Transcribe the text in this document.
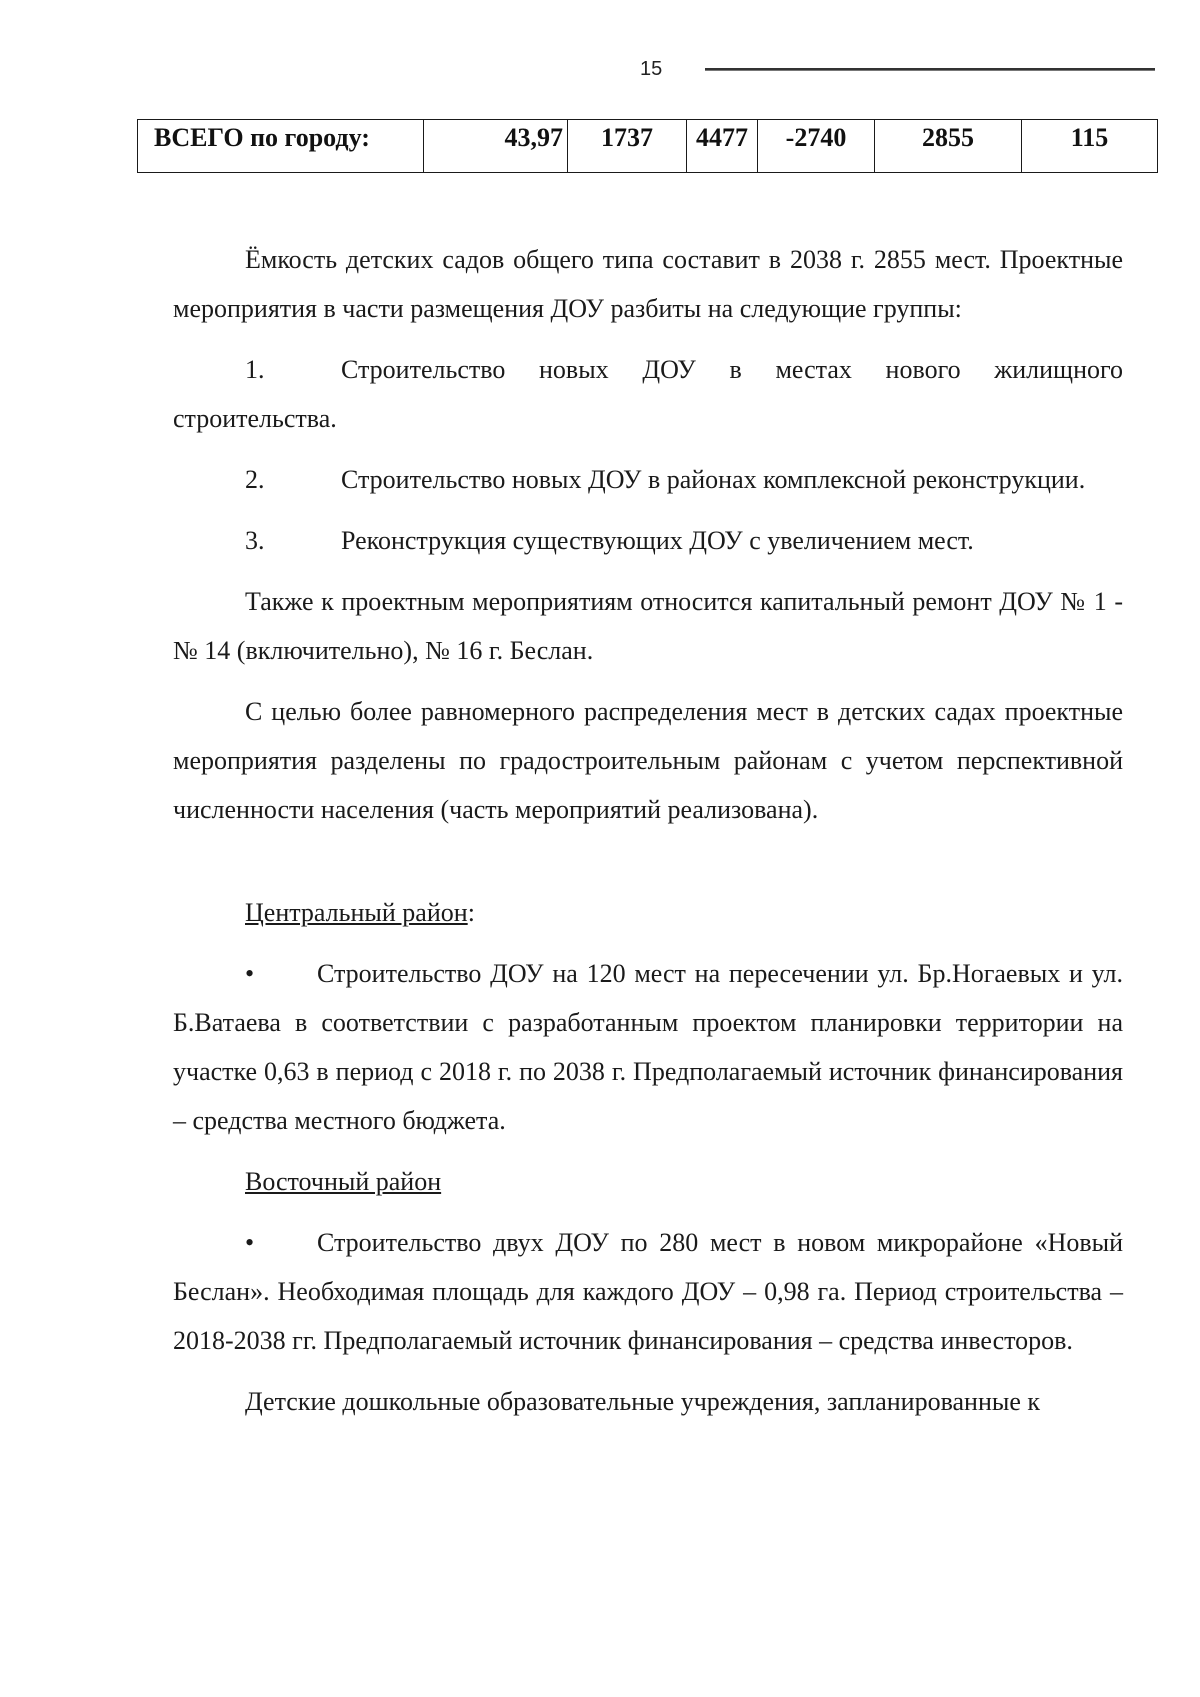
15
ВСЕГО по городу:	43,97	1737	4477	-2740	2855	115

Ёмкость детских садов общего типа составит в 2038 г. 2855 мест. Проектные мероприятия в части размещения ДОУ разбиты на следующие группы:

1.	Строительство новых ДОУ в местах нового жилищного строительства.

2.	Строительство новых ДОУ в районах комплексной реконструкции.

3.	Реконструкция существующих ДОУ с увеличением мест.

Также к проектным мероприятиям относится капитальный ремонт ДОУ № 1 - № 14 (включительно), № 16 г. Беслан.

С целью более равномерного распределения мест в детских садах проектные мероприятия разделены по градостроительным районам с учетом перспективной численности населения (часть мероприятий реализована).

Центральный район:

• Строительство ДОУ на 120 мест на пересечении ул. Бр.Ногаевых и ул. Б.Ватаева в соответствии с разработанным проектом планировки территории на участке 0,63 в период с 2018 г. по 2038 г. Предполагаемый источник финансирования – средства местного бюджета.

Восточный район

• Строительство двух ДОУ по 280 мест в новом микрорайоне «Новый Беслан». Необходимая площадь для каждого ДОУ – 0,98 га. Период строительства – 2018-2038 гг. Предполагаемый источник финансирования – средства инвесторов.

Детские дошкольные образовательные учреждения, запланированные к
